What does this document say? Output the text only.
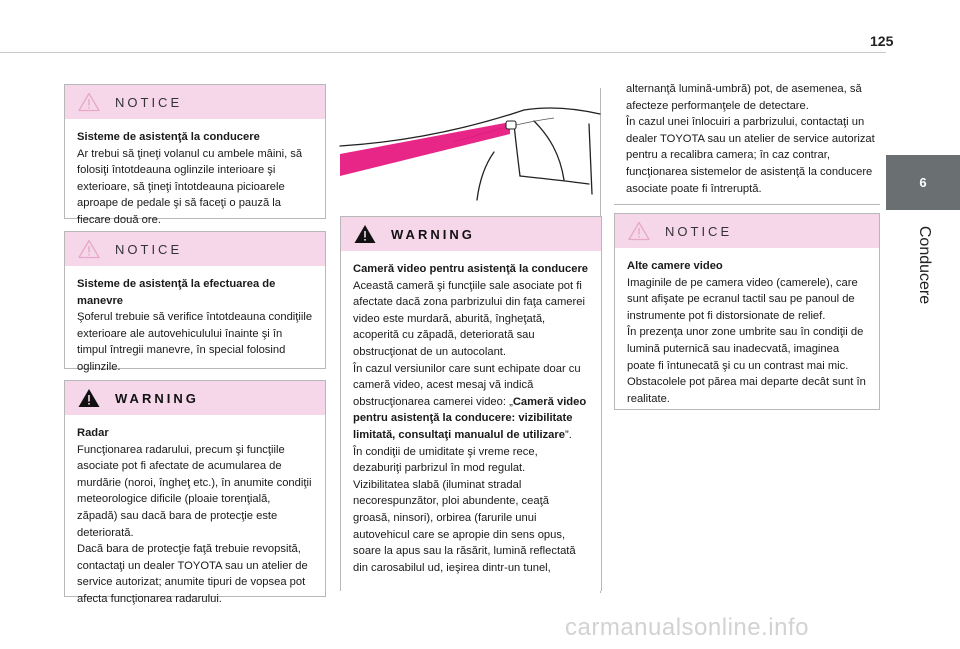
125
6
Conducere
NOTICE

Sisteme de asistenţă la conducere

Ar trebui să ţineţi volanul cu ambele mâini, să folosiţi întotdeauna oglinzile interioare şi exterioare, să ţineţi întotdeauna picioarele aproape de pedale şi să faceţi o pauză la fiecare două ore.

NOTICE

Sisteme de asistenţă la efectuarea de manevre

Şoferul trebuie să verifice întotdeauna condiţiile exterioare ale autovehiculului înainte şi în timpul întregii manevre, în special folosind oglinzile.

WARNING

Radar

Funcţionarea radarului, precum şi funcţiile asociate pot fi afectate de acumularea de murdărie (noroi, îngheţ etc.), în anumite condiţii meteorologice dificile (ploaie torenţială, zăpadă) sau dacă bara de protecţie este deteriorată.

Dacă bara de protecţie faţă trebuie revopsită, contactaţi un dealer TOYOTA sau un atelier de service autorizat; anumite tipuri de vopsea pot afecta funcţionarea radarului.

WARNING

Cameră video pentru asistenţă la conducere

Această cameră şi funcţiile sale asociate pot fi afectate dacă zona parbrizului din faţa camerei video este murdară, aburită, îngheţată, acoperită cu zăpadă, deteriorată sau obstrucţionat de un autocolant.

În cazul versiunilor care sunt echipate doar cu cameră video, acest mesaj vă indică obstrucţionarea camerei video: „Cameră video pentru asistenţă la conducere: vizibilitate limitată, consultaţi manualul de utilizare”.

În condiţii de umiditate şi vreme rece, dezaburiţi parbrizul în mod regulat.

Vizibilitatea slabă (iluminat stradal necorespunzător, ploi abundente, ceaţă groasă, ninsori), orbirea (farurile unui autovehicul care se apropie din sens opus, soare la apus sau la răsărit, lumină reflectată din carosabilul ud, ieşirea dintr-un tunel,

alternanţă lumină-umbră) pot, de asemenea, să afecteze performanţele de detectare.

În cazul unei înlocuiri a parbrizului, contactaţi un dealer TOYOTA sau un atelier de service autorizat pentru a recalibra camera; în caz contrar, funcţionarea sistemelor de asistenţă la conducere asociate poate fi întreruptă.

NOTICE

Alte camere video

Imaginile de pe camera video (camerele), care sunt afişate pe ecranul tactil sau pe panoul de instrumente pot fi distorsionate de relief.

În prezenţa unor zone umbrite sau în condiţii de lumină puternică sau inadecvată, imaginea poate fi întunecată şi cu un contrast mai mic. Obstacolele pot părea mai departe decât sunt în realitate.

carmanualsonline.info
